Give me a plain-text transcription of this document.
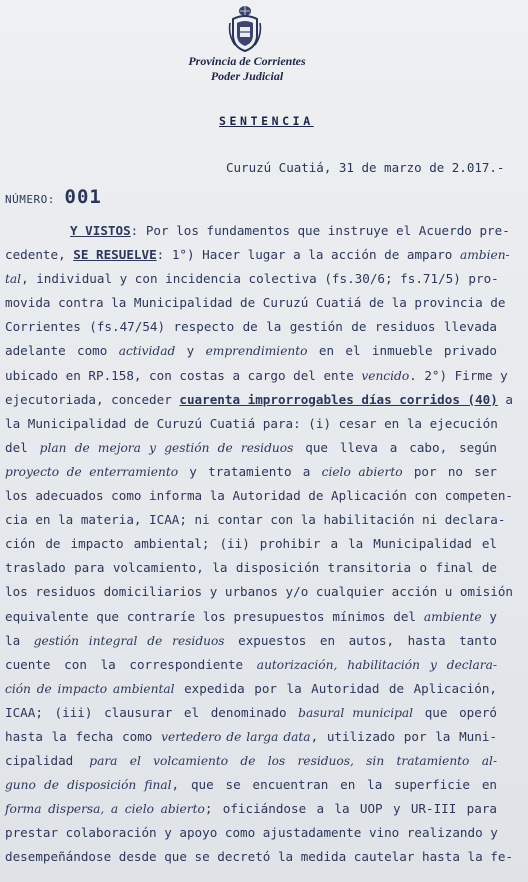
Provincia de Corrientes
Poder Judicial
SENTENCIA
Curuzú Cuatiá, 31 de marzo de 2.017.-
NÚMERO: 001
Y VISTOS: Por los fundamentos que instruye el Acuerdo pre-
cedente, SE RESUELVE: 1°) Hacer lugar a la acción de amparo ambien-
tal, individual y con incidencia colectiva (fs.30/6; fs.71/5) pro-
movida contra la Municipalidad de Curuzú Cuatiá de la provincia de
Corrientes (fs.47/54) respecto de la gestión de residuos llevada
adelante como actividad y emprendimiento en el inmueble privado
ubicado en RP.158, con costas a cargo del ente vencido. 2°) Firme y
ejecutoriada, conceder cuarenta improrrogables días corridos (40) a
la Municipalidad de Curuzú Cuatiá para: (i) cesar en la ejecución
del plan de mejora y gestión de residuos que lleva a cabo, según
proyecto de enterramiento y tratamiento a cielo abierto por no ser
los adecuados como informa la Autoridad de Aplicación con competen-
cia en la materia, ICAA; ni contar con la habilitación ni declara-
ción de impacto ambiental; (ii) prohibir a la Municipalidad el
traslado para volcamiento, la disposición transitoria o final de
los residuos domiciliarios y urbanos y/o cualquier acción u omisión
equivalente que contraríe los presupuestos mínimos del ambiente y
la gestión integral de residuos expuestos en autos, hasta tanto
cuente con la correspondiente autorización, habilitación y declara-
ción de impacto ambiental expedida por la Autoridad de Aplicación,
ICAA; (iii) clausurar el denominado basural municipal que operó
hasta la fecha como vertedero de larga data, utilizado por la Muni-
cipalidad para el volcamiento de los residuos, sin tratamiento al-
guno de disposición final, que se encuentran en la superficie en
forma dispersa, a cielo abierto; oficiándose a la UOP y UR-III para
prestar colaboración y apoyo como ajustadamente vino realizando y
desempeñándose desde que se decretó la medida cautelar hasta la fe-
